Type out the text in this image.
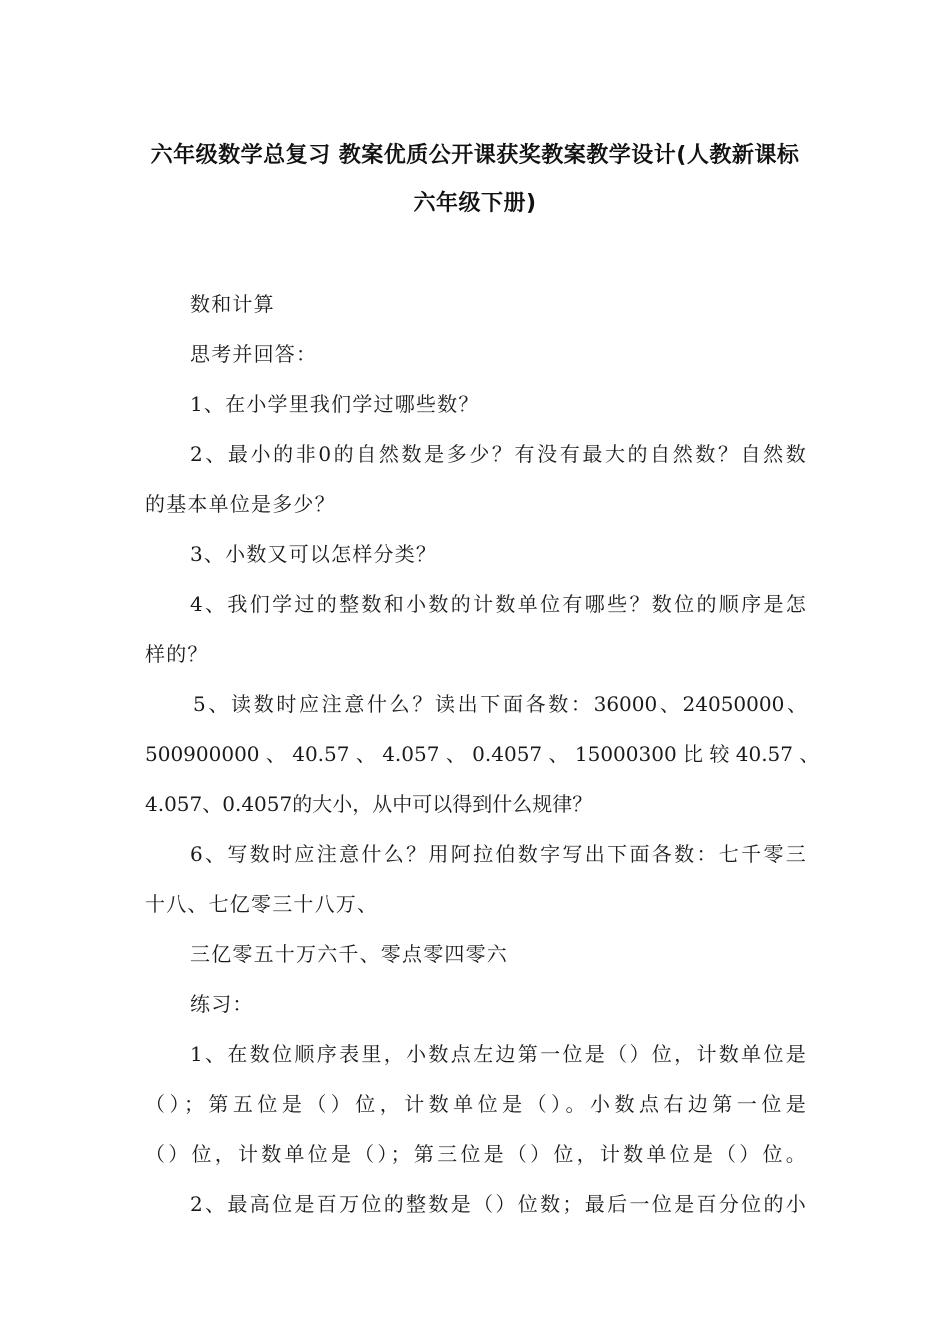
六年级数学总复习 教案优质公开课获奖教案教学设计(人教新课标
六年级下册)
数和计算
思考并回答：
1、在小学里我们学过哪些数？
2、最小的非0的自然数是多少？有没有最大的自然数？自然数
的基本单位是多少？
3、小数又可以怎样分类？
4、我们学过的整数和小数的计数单位有哪些？数位的顺序是怎
样的？
5、读数时应注意什么？读出下面各数：36000、24050000、
500900000 、 40.57 、 4.057 、 0.4057 、 15000300 比 较 40.57 、
4.057、0.4057的大小，从中可以得到什么规律？
6、写数时应注意什么？用阿拉伯数字写出下面各数：七千零三
十八、七亿零三十八万、
三亿零五十万六千、零点零四零六
练习：
1、在数位顺序表里，小数点左边第一位是（）位，计数单位是
（）；第五位是（）位，计数单位是（）。小数点右边第一位是
（）位，计数单位是（）；第三位是（）位，计数单位是（）位。
2、最高位是百万位的整数是（）位数；最后一位是百分位的小
